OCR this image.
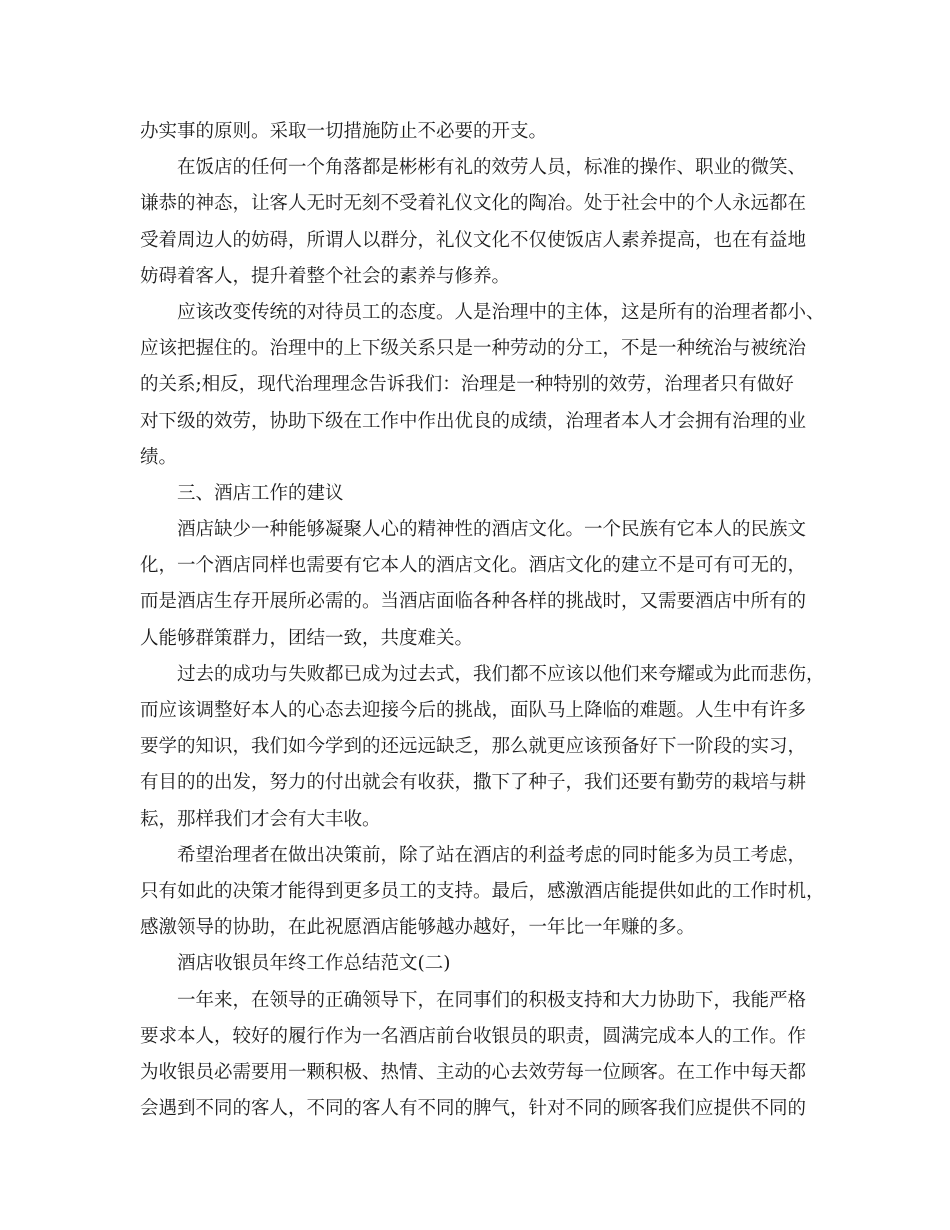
办实事的原则。采取一切措施防止不必要的开支。
在饭店的任何一个角落都是彬彬有礼的效劳人员，标准的操作、职业的微笑、
谦恭的神态，让客人无时无刻不受着礼仪文化的陶冶。处于社会中的个人永远都在
受着周边人的妨碍，所谓人以群分，礼仪文化不仅使饭店人素养提高，也在有益地
妨碍着客人，提升着整个社会的素养与修养。
应该改变传统的对待员工的态度。人是治理中的主体，这是所有的治理者都小、
应该把握住的。治理中的上下级关系只是一种劳动的分工，不是一种统治与被统治
的关系;相反，现代治理理念告诉我们：治理是一种特别的效劳，治理者只有做好
对下级的效劳，协助下级在工作中作出优良的成绩，治理者本人才会拥有治理的业
绩。
三、酒店工作的建议
酒店缺少一种能够凝聚人心的精神性的酒店文化。一个民族有它本人的民族文
化，一个酒店同样也需要有它本人的酒店文化。酒店文化的建立不是可有可无的，
而是酒店生存开展所必需的。当酒店面临各种各样的挑战时，又需要酒店中所有的
人能够群策群力，团结一致，共度难关。
过去的成功与失败都已成为过去式，我们都不应该以他们来夸耀或为此而悲伤，
而应该调整好本人的心态去迎接今后的挑战，面队马上降临的难题。人生中有许多
要学的知识，我们如今学到的还远远缺乏，那么就更应该预备好下一阶段的实习，
有目的的出发，努力的付出就会有收获，撒下了种子，我们还要有勤劳的栽培与耕
耘，那样我们才会有大丰收。
希望治理者在做出决策前，除了站在酒店的利益考虑的同时能多为员工考虑，
只有如此的决策才能得到更多员工的支持。最后，感激酒店能提供如此的工作时机，
感激领导的协助，在此祝愿酒店能够越办越好，一年比一年赚的多。
酒店收银员年终工作总结范文(二)
一年来，在领导的正确领导下，在同事们的积极支持和大力协助下，我能严格
要求本人，较好的履行作为一名酒店前台收银员的职责，圆满完成本人的工作。作
为收银员必需要用一颗积极、热情、主动的心去效劳每一位顾客。在工作中每天都
会遇到不同的客人，不同的客人有不同的脾气，针对不同的顾客我们应提供不同的
